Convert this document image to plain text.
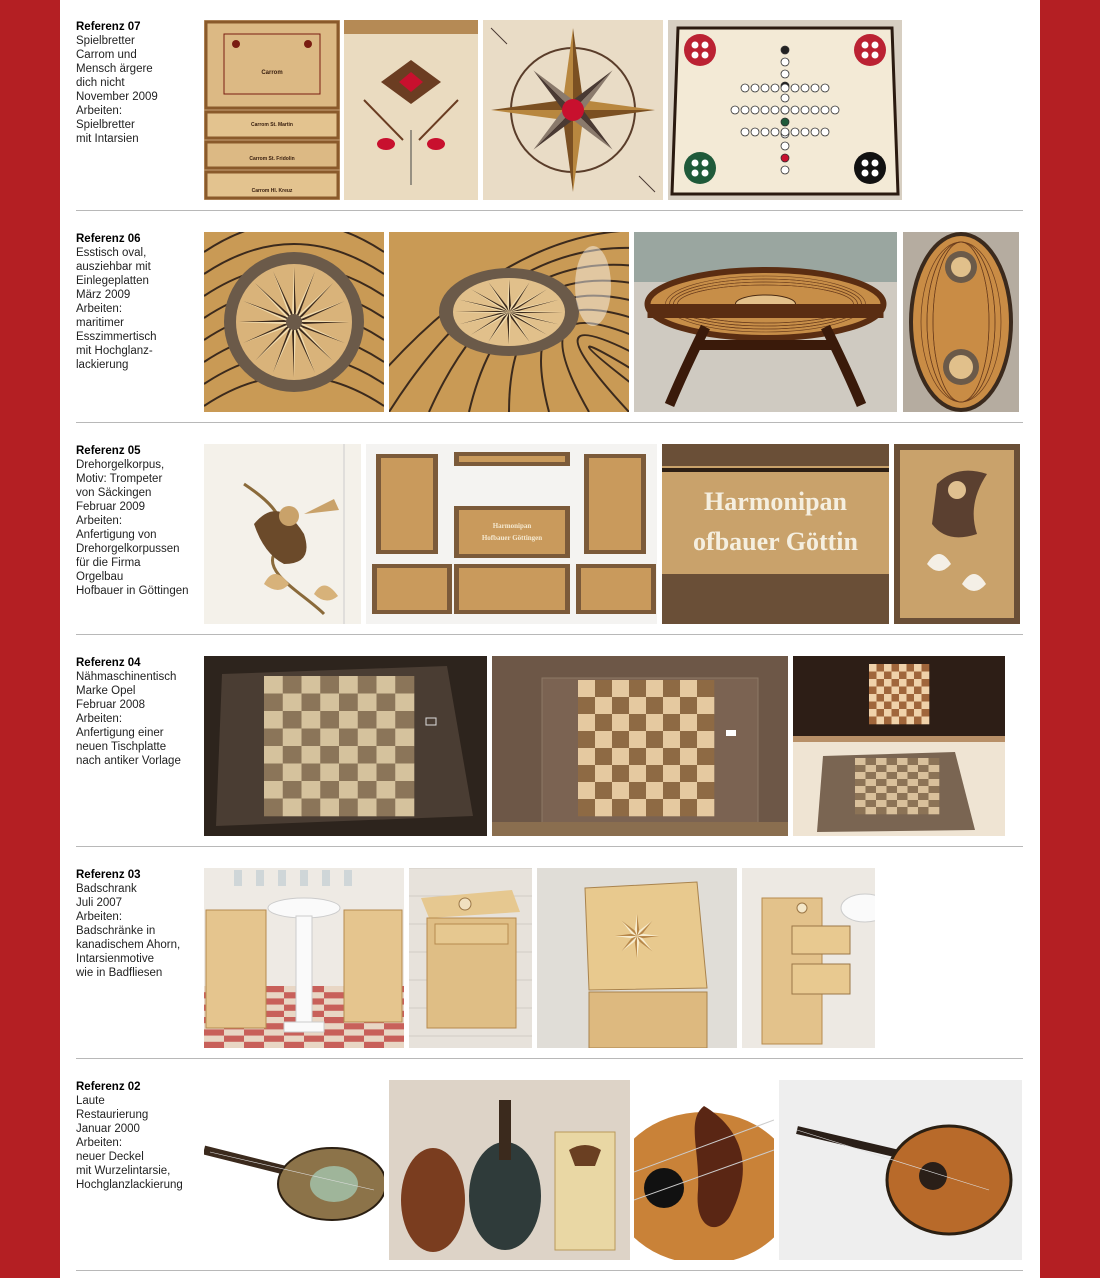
Referenz 07
Spielbretter
Carrom und
Mensch ärgere
dich nicht
November 2009
Arbeiten:
Spielbretter
mit Intarsien
Carrom
Carrom St. Martin
Carrom St. Fridolin
Carrom Hl. Kreuz
Referenz 06
Esstisch oval,
ausziehbar mit
Einlegeplatten
März 2009
Arbeiten:
maritimer
Esszimmertisch
mit Hochglanz-
lackierung
Referenz 05
Drehorgelkorpus,
Motiv: Trompeter
von Säckingen
Februar 2009
Arbeiten:
Anfertigung von
Drehorgelkorpussen
für die Firma
Orgelbau
Hofbauer in Göttingen
Harmonipan
Hofbauer Göttingen
Harmonipan
ofbauer Göttin
Referenz 04
Nähmaschinentisch
Marke Opel
Februar 2008
Arbeiten:
Anfertigung einer
neuen Tischplatte
nach antiker Vorlage
Referenz 03
Badschrank
Juli 2007
Arbeiten:
Badschränke in
kanadischem Ahorn,
Intarsienmotive
wie in Badfliesen
Referenz 02
Laute
Restaurierung
Januar 2000
Arbeiten:
neuer Deckel
mit Wurzelintarsie,
Hochglanzlackierung
